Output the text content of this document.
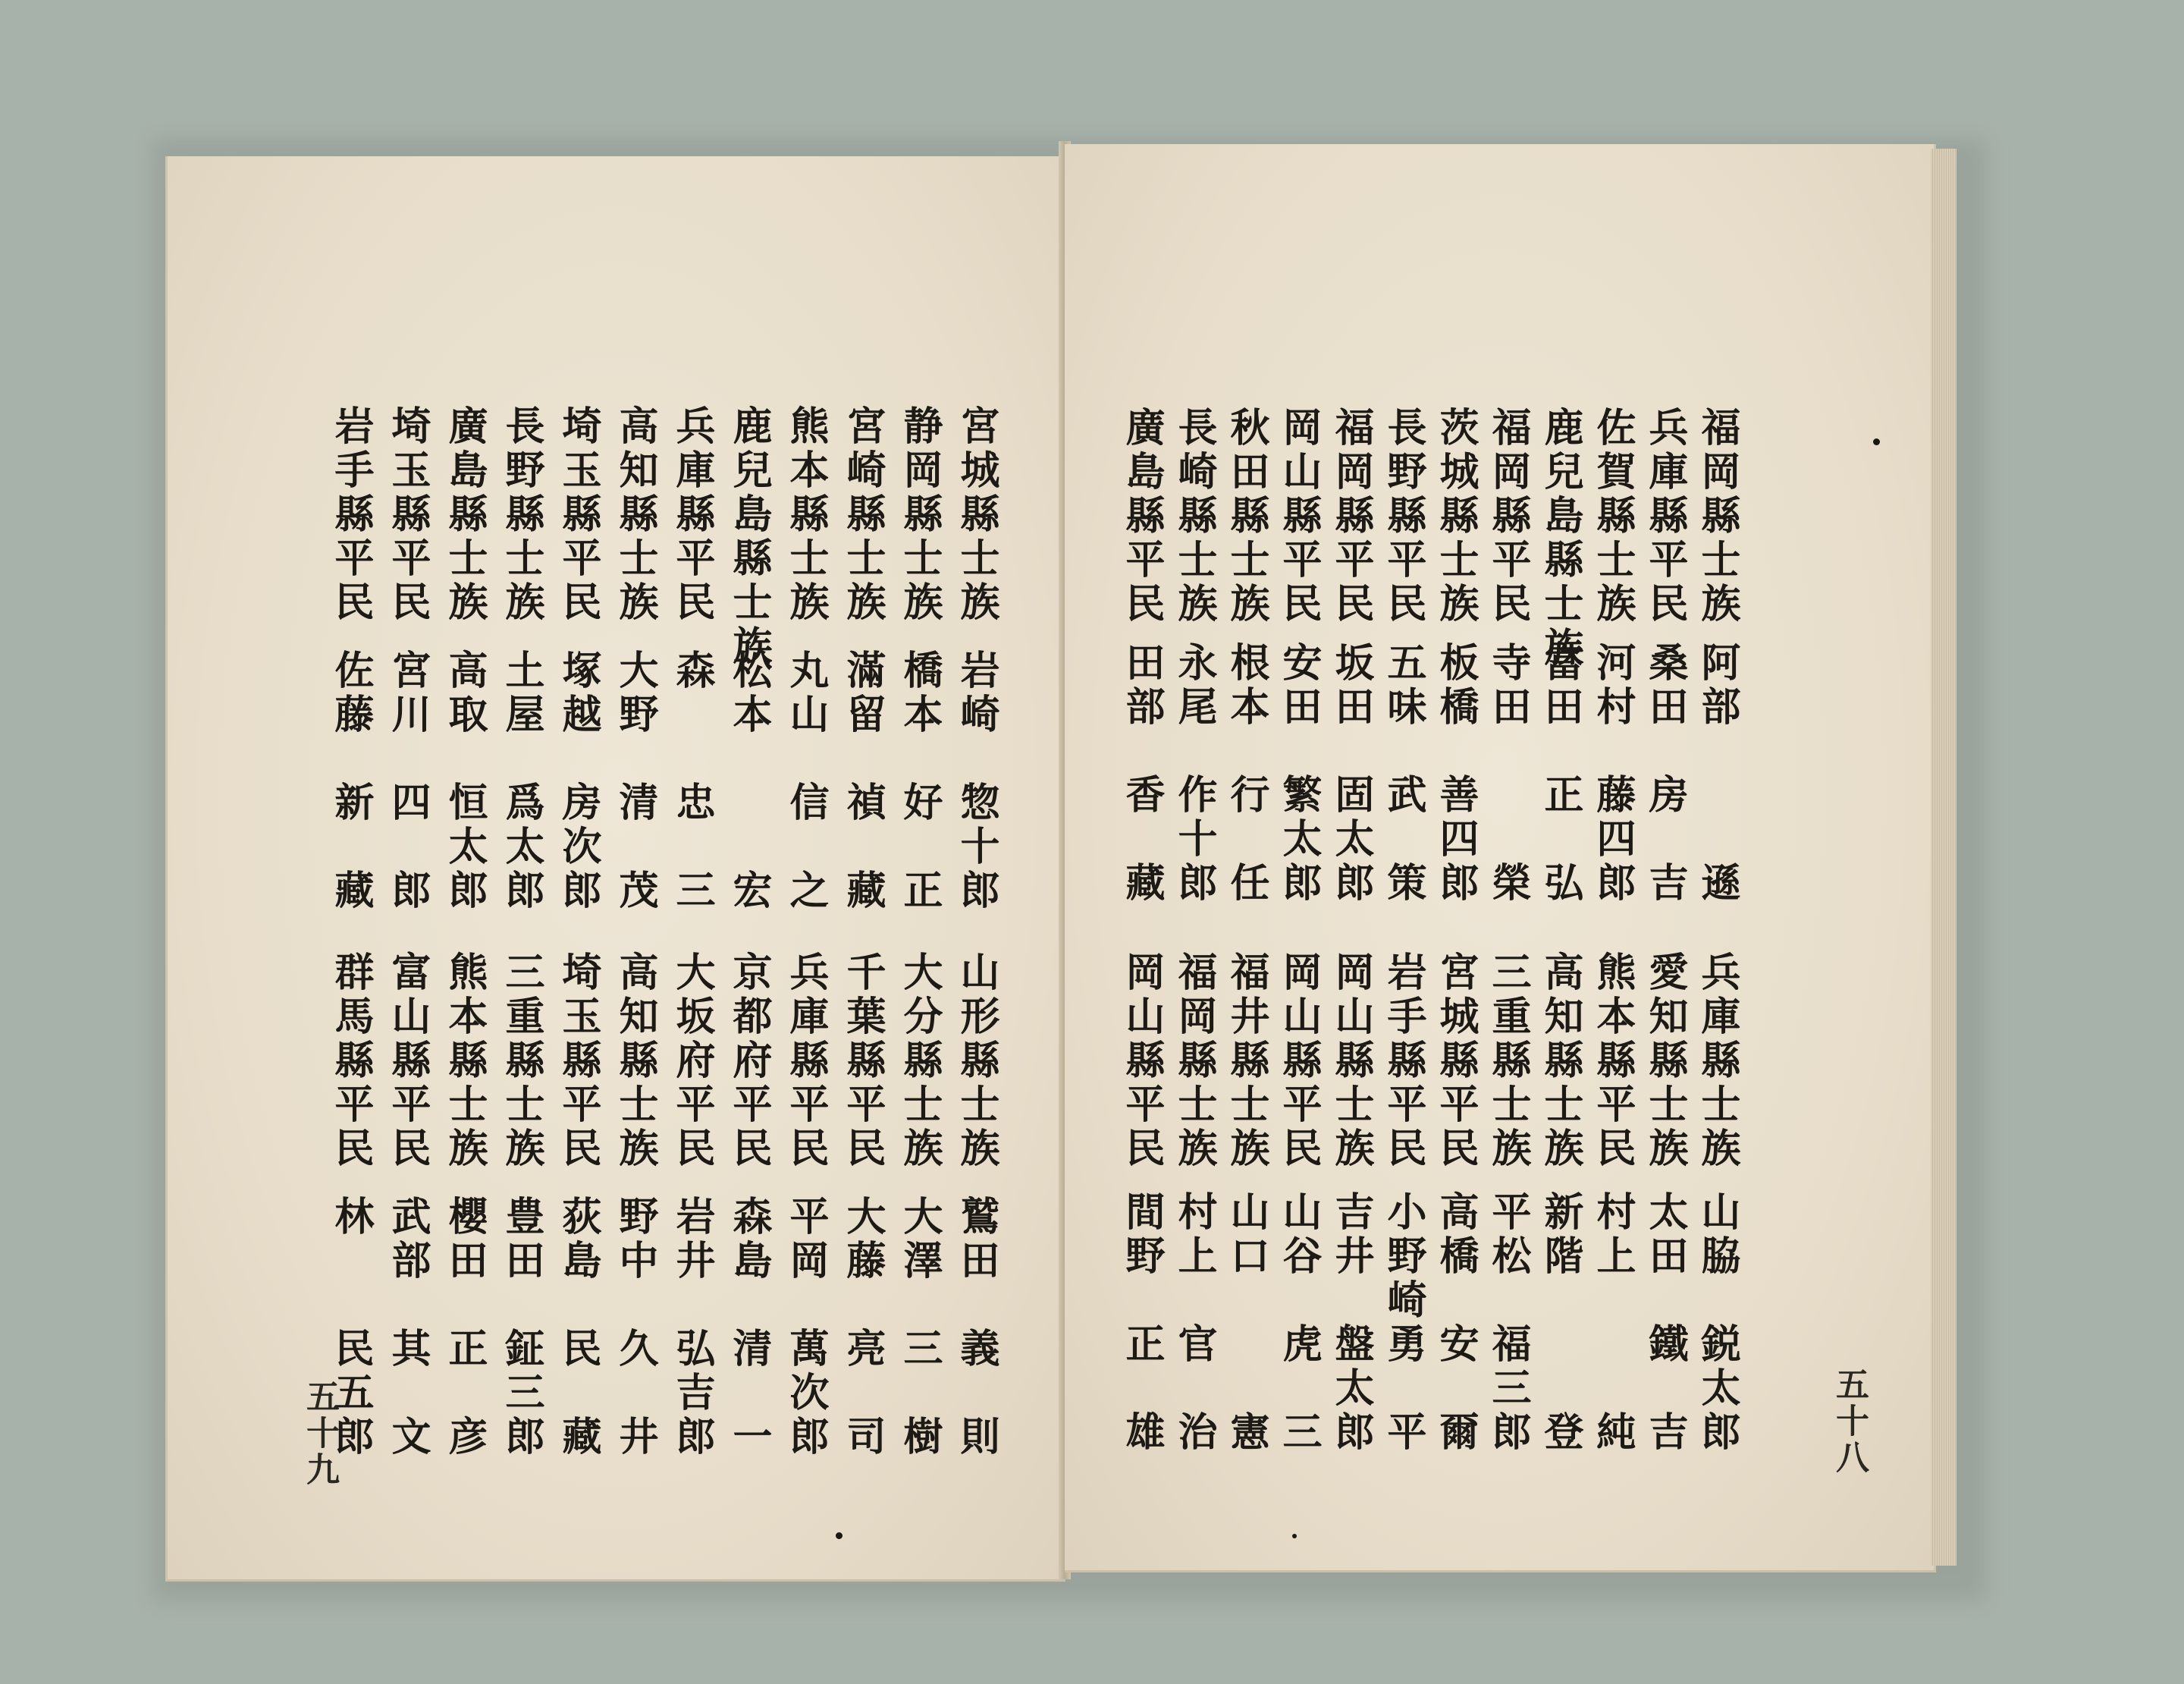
宮城縣士族
岩崎　惣十郎
静岡縣士族
橋本　好　正
宮崎縣士族
滿留　禎　藏
熊本縣士族
丸山　信　之
鹿兒島縣士族
松本　　　宏
兵庫縣平民
森　　忠　三
高知縣士族
大野　清　茂
埼玉縣平民
塚越　房次郎
長野縣士族
土屋　爲太郎
廣島縣士族
高取　恒太郎
埼玉縣平民
宮川　四　郎
岩手縣平民
佐藤　新　藏
山形縣士族
鷲田　義　則
大分縣士族
大澤　三　樹
千葉縣平民
大藤　亮　司
兵庫縣平民
平岡　萬次郎
京都府平民
森島　清　一
大坂府平民
岩井　弘吉郎
高知縣士族
野中　久　井
埼玉縣平民
荻島　民　藏
三重縣士族
豊田　鉦三郎
熊本縣士族
櫻田　正　彦
富山縣平民
武部　其　文
群馬縣平民
林　　民五郎
五十九
福岡縣士族
阿部　　　遜
兵庫縣平民
桑田　房　吉
佐賀縣士族
河村　藤四郎
鹿兒島縣士族
富田　正　弘
福岡縣平民
寺田　　　榮
茨城縣士族
板橋　善四郎
長野縣平民
五味　武　策
福岡縣平民
坂田　固太郎
岡山縣平民
安田　繁太郎
秋田縣士族
根本　行　任
長崎縣士族
永尾　作十郎
廣島縣平民
田部　香　藏
兵庫縣士族
山脇　鋭太郎
愛知縣士族
太田　鐵　吉
熊本縣平民
村上　　　純
高知縣士族
新階　　　登
三重縣士族
平松　福三郎
宮城縣平民
高橋　安　爾
岩手縣平民
小野崎勇　平
岡山縣士族
吉井　盤太郎
岡山縣平民
山谷　虎　三
福井縣士族
山口　　　憲
福岡縣士族
村上　官　治
岡山縣平民
間野　正　雄	五十八
